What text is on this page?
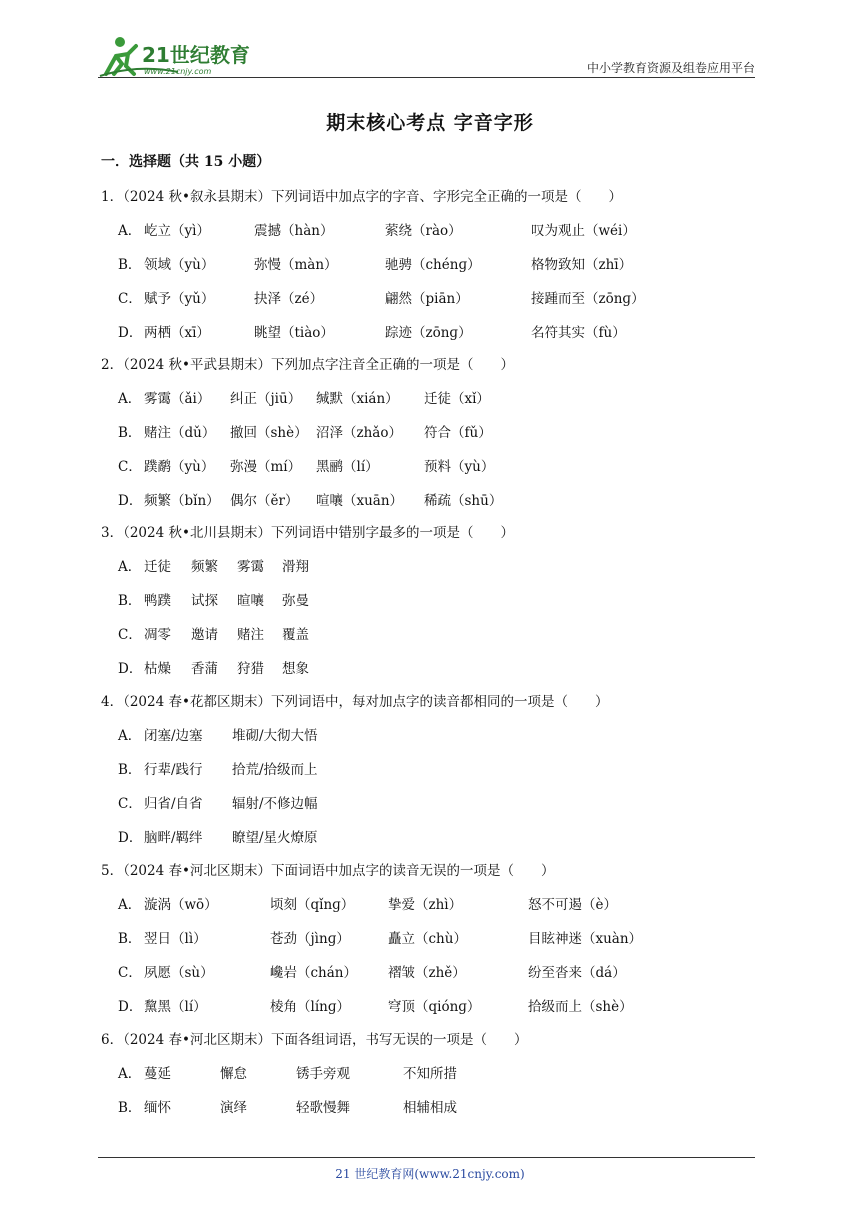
21世纪教育
www.21cnjy.com	中小学教育资源及组卷应用平台
期末核心考点 字音字形
一．选择题（共 15 小题）
1．（2024 秋•叙永县期末）下列词语中加点字的字音、字形完全正确的一项是（　　）
A． 屹立（yì）	震撼（hàn）	萦绕（rào）	叹为观止（wéi）
B． 领域（yù）	弥慢（màn）	驰骋（chénɡ）	格物致知（zhī）
C． 赋予（yǔ）	抉泽（zé）	翩然（piān）	接踵而至（zōnɡ）
D． 两栖（xī）	眺望（tiào）	踪迹（zōnɡ）	名符其实（fù）
2．（2024 秋•平武县期末）下列加点字注音全正确的一项是（　　）
A． 雾霭（ǎi） 纠正（jiū） 缄默（xián） 迁徒（xǐ）
B． 赌注（dǔ） 撤回（shè） 沼泽（zhǎo） 符合（fǔ）
C． 蹼鹬（yù） 弥漫（mí） 黑鹂（lí）	预料（yù）
D． 频繁（bǐn） 偶尔（ěr） 喧嚷（xuān） 稀疏（shū）
3．（2024 秋•北川县期末）下列词语中错别字最多的一项是（　　）
A． 迁徒 频繁 雾霭 滑翔
B． 鸭蹼 试探 暄嚷 弥曼
C． 凋零 邀请 赌注 覆盖
D． 枯燥 香蒲 狩猎 想象
4．（2024 春•花都区期末）下列词语中，每对加点字的读音都相同的一项是（　　）
A． 闭塞/边塞 堆砌/大彻大悟
B． 行辈/践行 拾荒/拾级而上
C． 归省/自省 辐射/不修边幅
D． 脑畔/羁绊 瞭望/星火燎原
5．（2024 春•河北区期末）下面词语中加点字的读音无误的一项是（　　）
A． 漩涡（wō）	顷刻（qǐnɡ） 挚爱（zhì）	怒不可遏（è）
B． 翌日（lì）	苍劲（jìnɡ）	矗立（chù）	目眩神迷（xuàn）
C． 夙愿（sù）	巉岩（chán） 褶皱（zhě）	纷至沓来（dá）
D． 黧黑（lí）	棱角（línɡ）	穹顶（qiónɡ）	拾级而上（shè）
6．（2024 春•河北区期末）下面各组词语，书写无误的一项是（　　）
A． 蔓延	懈怠	锈手旁观	不知所措
B． 缅怀	演绎	轻歌慢舞	相辅相成
21 世纪教育网(www.21cnjy.com)
